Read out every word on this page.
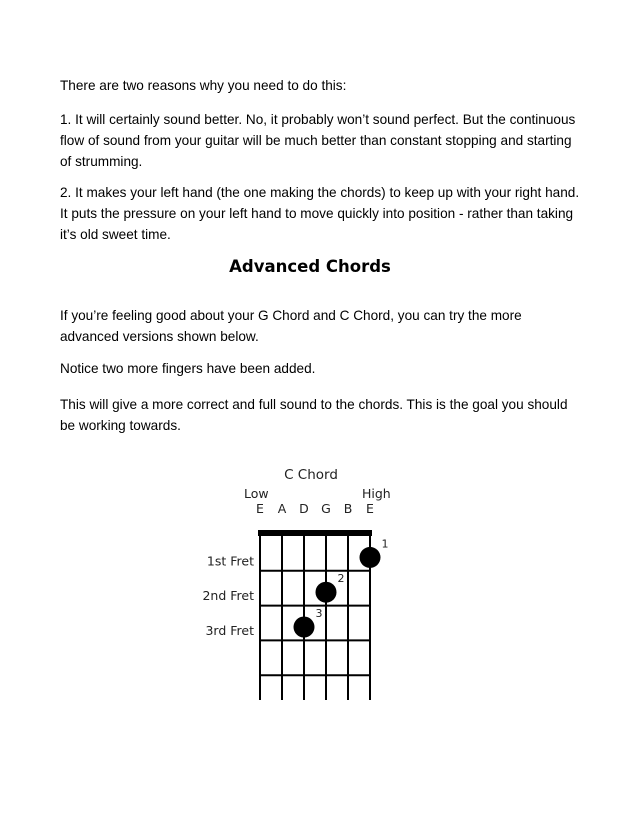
There are two reasons why you need to do this:

1. It will certainly sound better. No, it probably won’t sound perfect. But the continuous flow of sound from your guitar will be much better than constant stopping and starting of strumming.

2. It makes your left hand (the one making the chords) to keep up with your right hand. It puts the pressure on your left hand to move quickly into position - rather than taking it’s old sweet time.

Advanced Chords

If you’re feeling good about your G Chord and C Chord, you can try the more advanced versions shown below.

Notice two more fingers have been added.

This will give a more correct and full sound to the chords. This is the goal you should be working towards.

C Chord
Low	High
E A D G B E
1st Fret
2nd Fret
3rd Fret
1
2
3
